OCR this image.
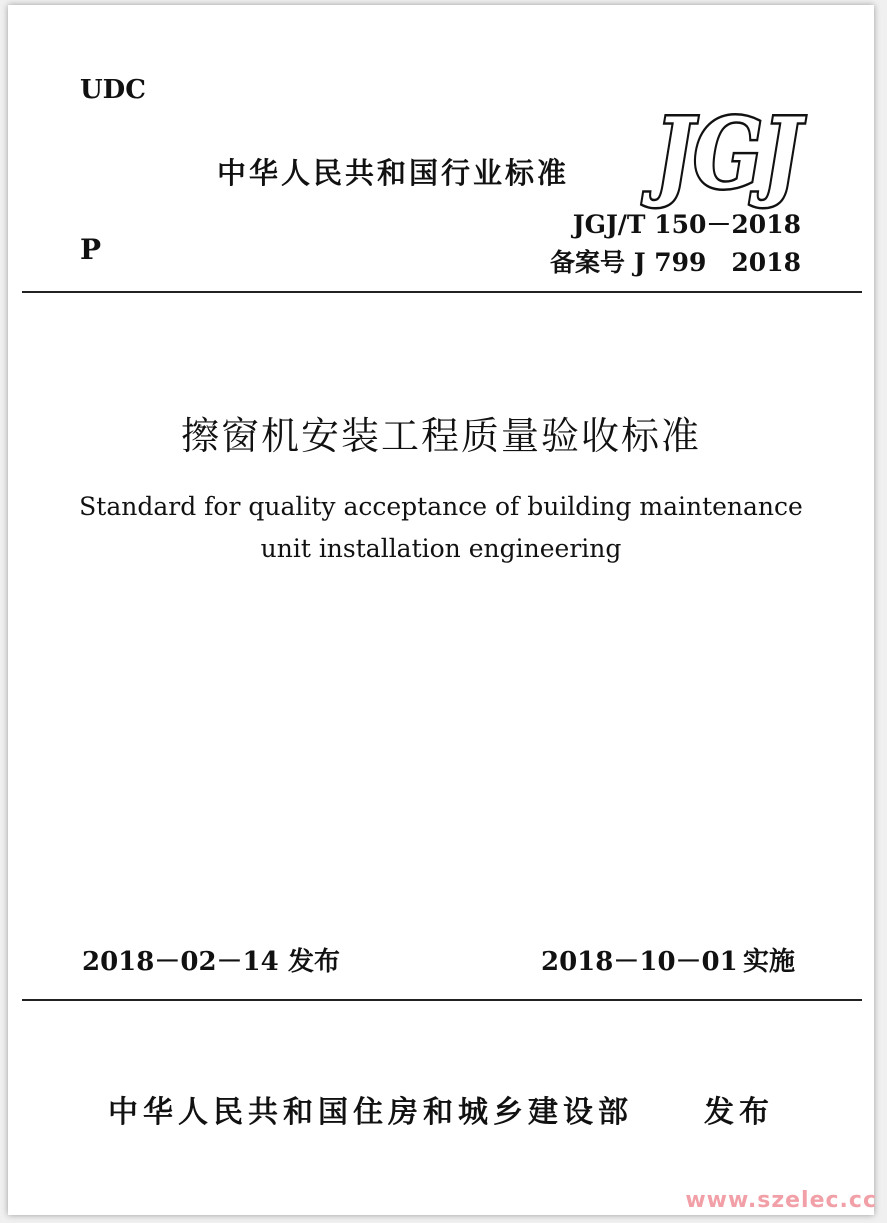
UDC
中华人民共和国行业标准 JGJ
JGJ/T 150－2018
P	备案号 J 799　2018
擦窗机安装工程质量验收标准
Standard for quality acceptance of building maintenance
unit installation engineering
2018－02－14 发布	2018－10－01 实施
中华人民共和国住房和城乡建设部 发布
www.szelec.cc
